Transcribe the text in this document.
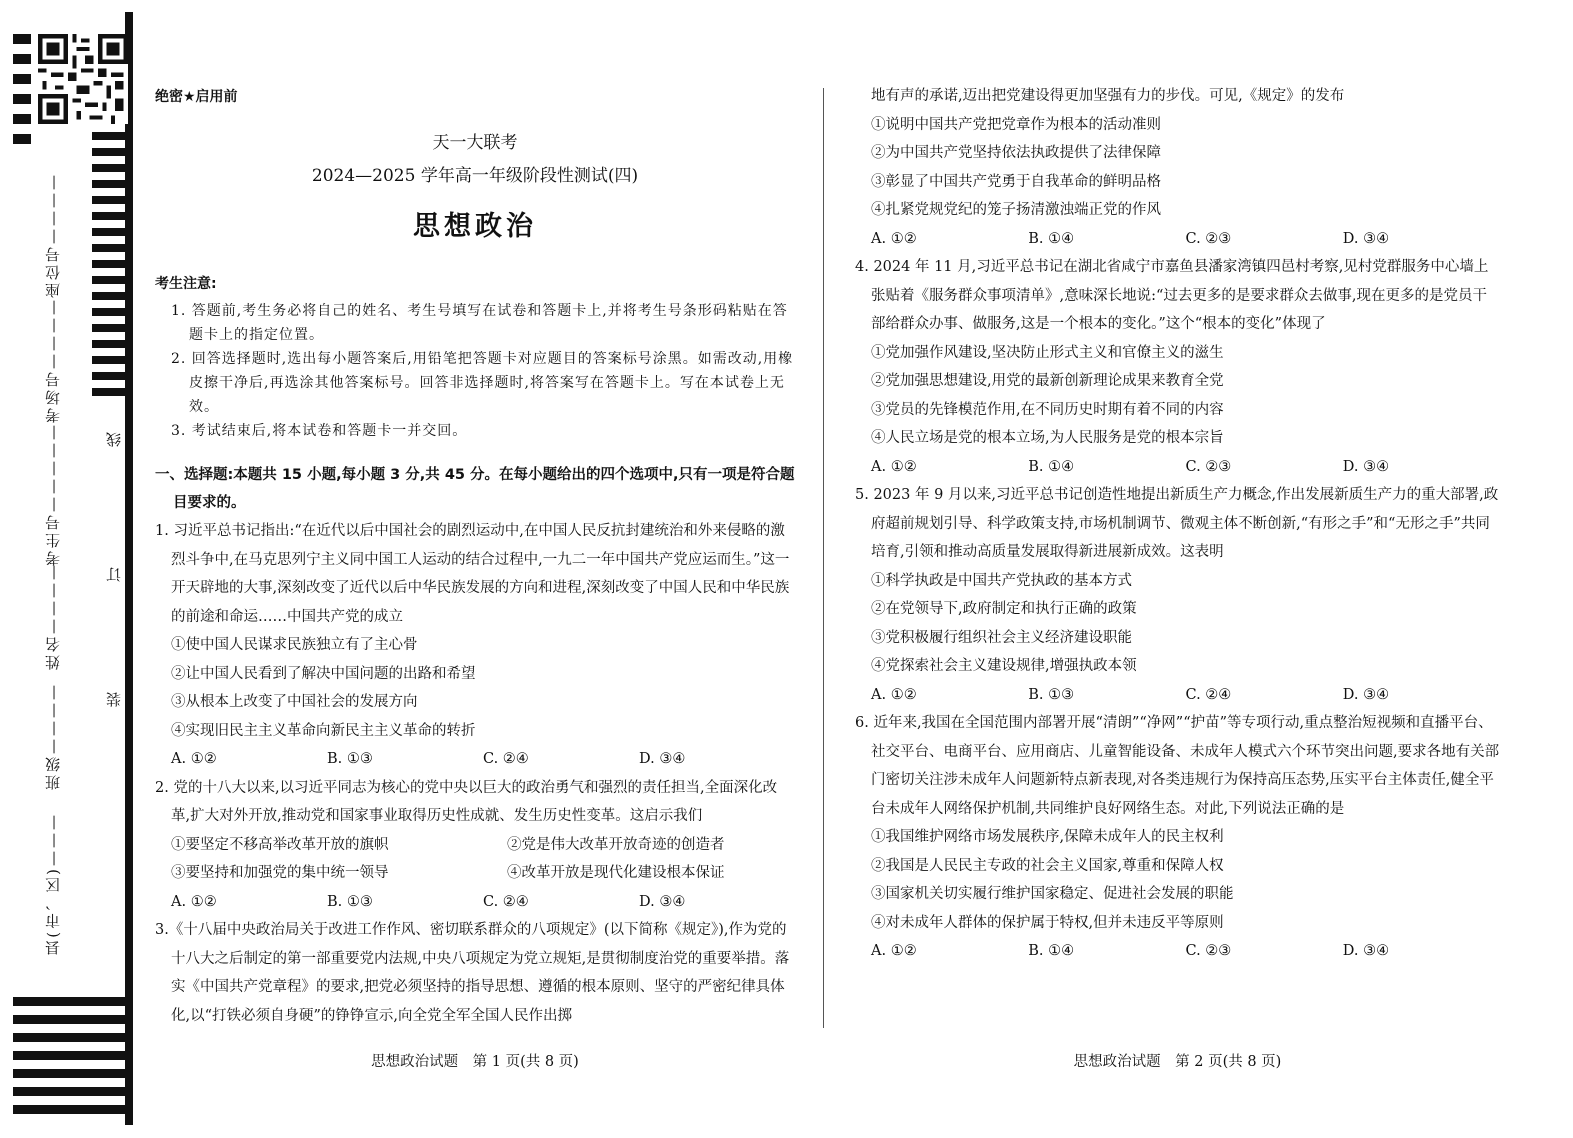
座位号————
考场号————
考生号—————
姓名————
班级————
县(市、区)———
线
订
装
绝密★启用前
天一大联考
2024—2025 学年高一年级阶段性测试(四)
思想政治
考生注意:
1. 答题前,考生务必将自己的姓名、考生号填写在试卷和答题卡上,并将考生号条形码粘贴在答题卡上的指定位置。
2. 回答选择题时,选出每小题答案后,用铅笔把答题卡对应题目的答案标号涂黑。如需改动,用橡皮擦干净后,再选涂其他答案标号。回答非选择题时,将答案写在答题卡上。写在本试卷上无效。
3. 考试结束后,将本试卷和答题卡一并交回。
一、选择题:本题共 15 小题,每小题 3 分,共 45 分。在每小题给出的四个选项中,只有一项是符合题目要求的。
1. 习近平总书记指出:“在近代以后中国社会的剧烈运动中,在中国人民反抗封建统治和外来侵略的激烈斗争中,在马克思列宁主义同中国工人运动的结合过程中,一九二一年中国共产党应运而生。”这一开天辟地的大事,深刻改变了近代以后中华民族发展的方向和进程,深刻改变了中国人民和中华民族的前途和命运……中国共产党的成立
①使中国人民谋求民族独立有了主心骨
②让中国人民看到了解决中国问题的出路和希望
③从根本上改变了中国社会的发展方向
④实现旧民主主义革命向新民主主义革命的转折
A. ①②	B. ①③	C. ②④	D. ③④
2. 党的十八大以来,以习近平同志为核心的党中央以巨大的政治勇气和强烈的责任担当,全面深化改革,扩大对外开放,推动党和国家事业取得历史性成就、发生历史性变革。这启示我们
①要坚定不移高举改革开放的旗帜	②党是伟大改革开放奇迹的创造者
③要坚持和加强党的集中统一领导	④改革开放是现代化建设根本保证
A. ①②	B. ①③	C. ②④	D. ③④
3.《十八届中央政治局关于改进工作作风、密切联系群众的八项规定》(以下简称《规定》),作为党的十八大之后制定的第一部重要党内法规,中央八项规定为党立规矩,是贯彻制度治党的重要举措。落实《中国共产党章程》的要求,把党必须坚持的指导思想、遵循的根本原则、坚守的严密纪律具体化,以“打铁必须自身硬”的铮铮宣示,向全党全军全国人民作出掷
地有声的承诺,迈出把党建设得更加坚强有力的步伐。可见,《规定》的发布
①说明中国共产党把党章作为根本的活动准则
②为中国共产党坚持依法执政提供了法律保障
③彰显了中国共产党勇于自我革命的鲜明品格
④扎紧党规党纪的笼子扬清激浊端正党的作风
A. ①②	B. ①④	C. ②③	D. ③④
4. 2024 年 11 月,习近平总书记在湖北省咸宁市嘉鱼县潘家湾镇四邑村考察,见村党群服务中心墙上张贴着《服务群众事项清单》,意味深长地说:“过去更多的是要求群众去做事,现在更多的是党员干部给群众办事、做服务,这是一个根本的变化。”这个“根本的变化”体现了
①党加强作风建设,坚决防止形式主义和官僚主义的滋生
②党加强思想建设,用党的最新创新理论成果来教育全党
③党员的先锋模范作用,在不同历史时期有着不同的内容
④人民立场是党的根本立场,为人民服务是党的根本宗旨
A. ①②	B. ①④	C. ②③	D. ③④
5. 2023 年 9 月以来,习近平总书记创造性地提出新质生产力概念,作出发展新质生产力的重大部署,政府超前规划引导、科学政策支持,市场机制调节、微观主体不断创新,“有形之手”和“无形之手”共同培育,引领和推动高质量发展取得新进展新成效。这表明
①科学执政是中国共产党执政的基本方式
②在党领导下,政府制定和执行正确的政策
③党积极履行组织社会主义经济建设职能
④党探索社会主义建设规律,增强执政本领
A. ①②	B. ①③	C. ②④	D. ③④
6. 近年来,我国在全国范围内部署开展“清朗”“净网”“护苗”等专项行动,重点整治短视频和直播平台、社交平台、电商平台、应用商店、儿童智能设备、未成年人模式六个环节突出问题,要求各地有关部门密切关注涉未成年人问题新特点新表现,对各类违规行为保持高压态势,压实平台主体责任,健全平台未成年人网络保护机制,共同维护良好网络生态。对此,下列说法正确的是
①我国维护网络市场发展秩序,保障未成年人的民主权利
②我国是人民民主专政的社会主义国家,尊重和保障人权
③国家机关切实履行维护国家稳定、促进社会发展的职能
④对未成年人群体的保护属于特权,但并未违反平等原则
A. ①②	B. ①④	C. ②③	D. ③④
思想政治试题　第 1 页(共 8 页)	思想政治试题　第 2 页(共 8 页)
